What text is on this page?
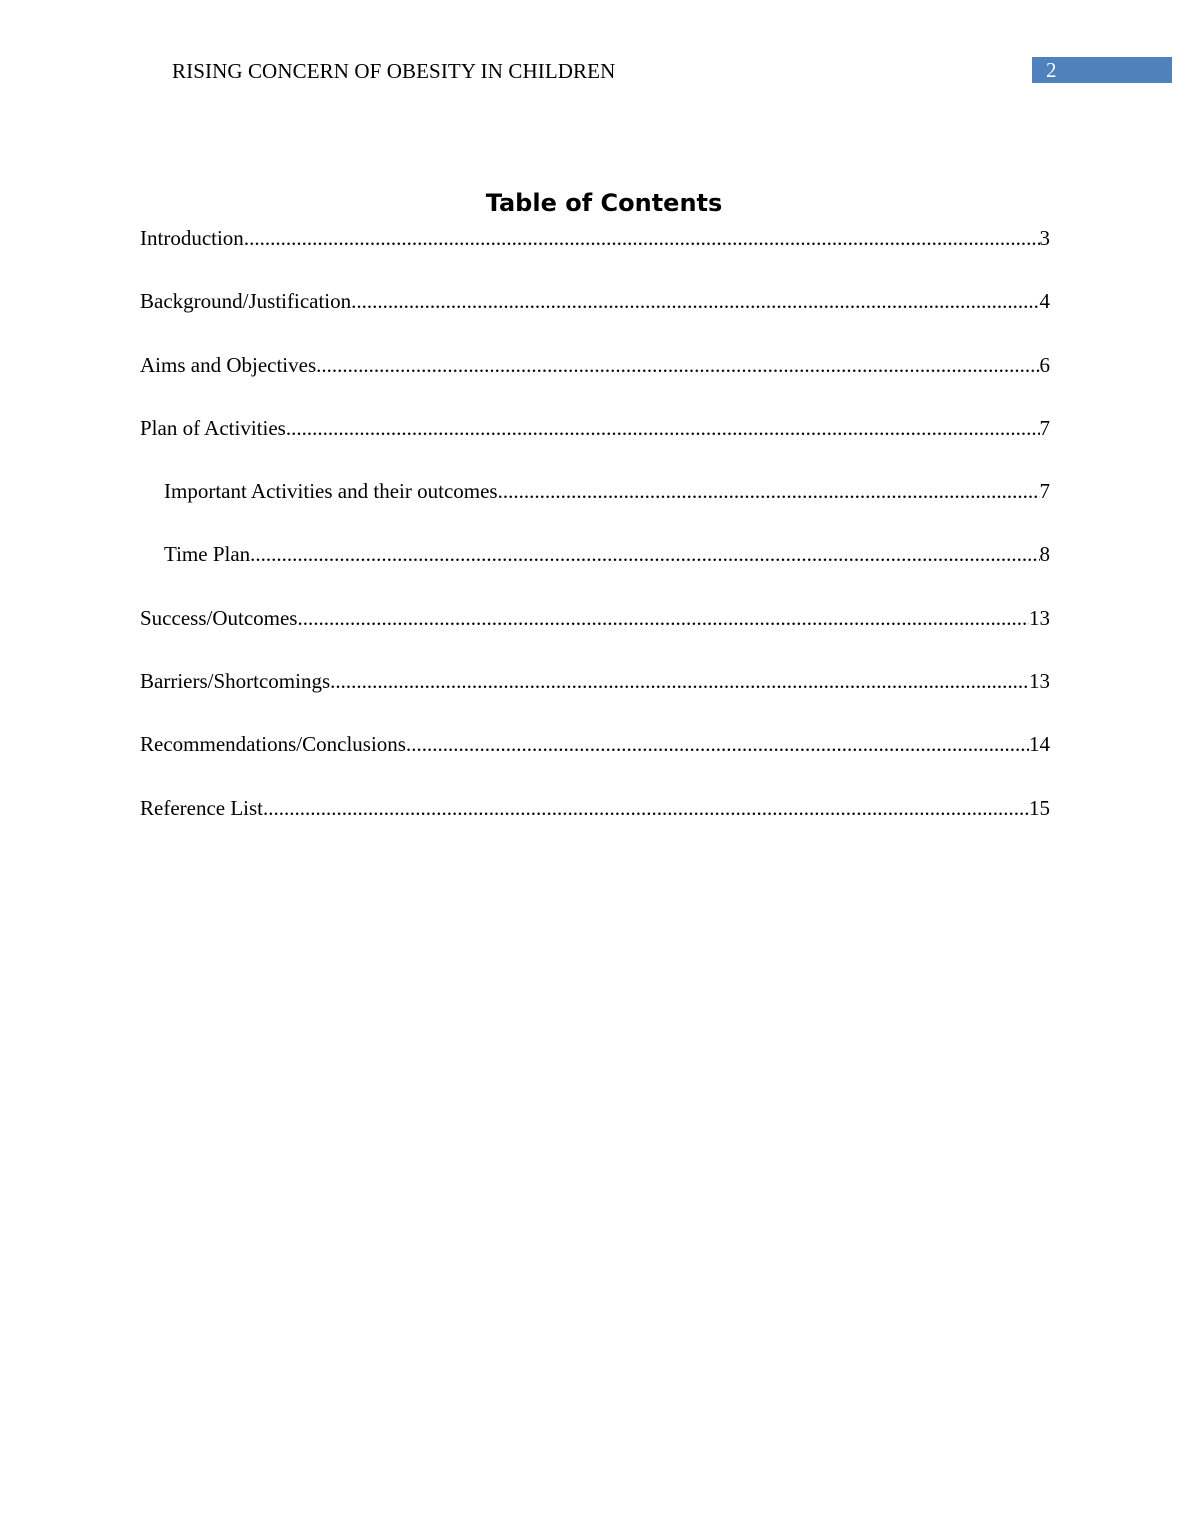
RISING CONCERN OF OBESITY IN CHILDREN	2
Table of Contents
Introduction .....	3
Background/Justification .....	4
Aims and Objectives .....	6
Plan of Activities .....	7
Important Activities and their outcomes .....	7
Time Plan .....	8
Success/Outcomes .....	13
Barriers/Shortcomings .....	13
Recommendations/Conclusions .....	14
Reference List .....	15
